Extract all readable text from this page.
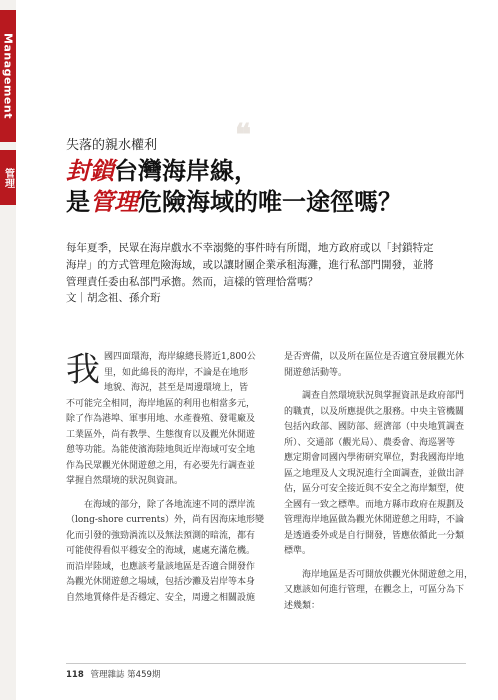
Management
管理
❝
失落的親水權利
封鎖台灣海岸線，
是管理危險海域的唯一途徑嗎？
每年夏季，民眾在海岸戲水不幸溺斃的事件時有所聞，地方政府或以「封鎖特定
海岸」的方式管理危險海域，或以讓財團企業承租海灘，進行私部門開發，並將
管理責任委由私部門承擔。然而，這樣的管理恰當嗎？
文｜胡念祖、孫介珩
我 國四面環海，海岸線總長將近1,800公
里，如此綿長的海岸，不論是在地形
地貌、海況，甚至是周邊環境上，皆
不可能完全相同，海岸地區的利用也相當多元，
除了作為港埠、軍事用地、水產養殖、發電廠及
工業區外，尚有教學、生態復育以及觀光休閒遊
憩等功能。為能使濱海陸地與近岸海域可安全地
作為民眾觀光休閒遊憩之用，有必要先行調查並
掌握自然環境的狀況與資訊。
在海域的部分，除了各地流速不同的漂岸流
（long-shore currents）外，尚有因海床地形變
化而引發的強勁渦流以及無法預測的暗流，都有
可能使得看似平穩安全的海域，處處充滿危機。
而沿岸陸域，也應該考量該地區是否適合開發作
為觀光休閒遊憩之場域，包括沙灘及岩岸等本身
自然地質條件是否穩定、安全，周邊之相關設施
是否齊備，以及所在區位是否適宜發展觀光休
閒遊憩活動等。
調查自然環境狀況與掌握資訊是政府部門
的職責，以及所應提供之服務。中央主管機關
包括內政部、國防部、經濟部（中央地質調查
所）、交通部（觀光局）、農委會、海巡署等
應定期會同國內學術研究單位，對我國海岸地
區之地理及人文現況進行全面調查，並做出評
估，區分可安全接近與不安全之海岸類型，使
全國有一致之標準。而地方縣市政府在規劃及
管理海岸地區做為觀光休閒遊憩之用時，不論
是透過委外或是自行開發，皆應依循此一分類
標準。
海岸地區是否可開放供觀光休閒遊憩之用，
又應該如何進行管理，在觀念上，可區分為下
述幾類：
118 管理雜誌 第459期
